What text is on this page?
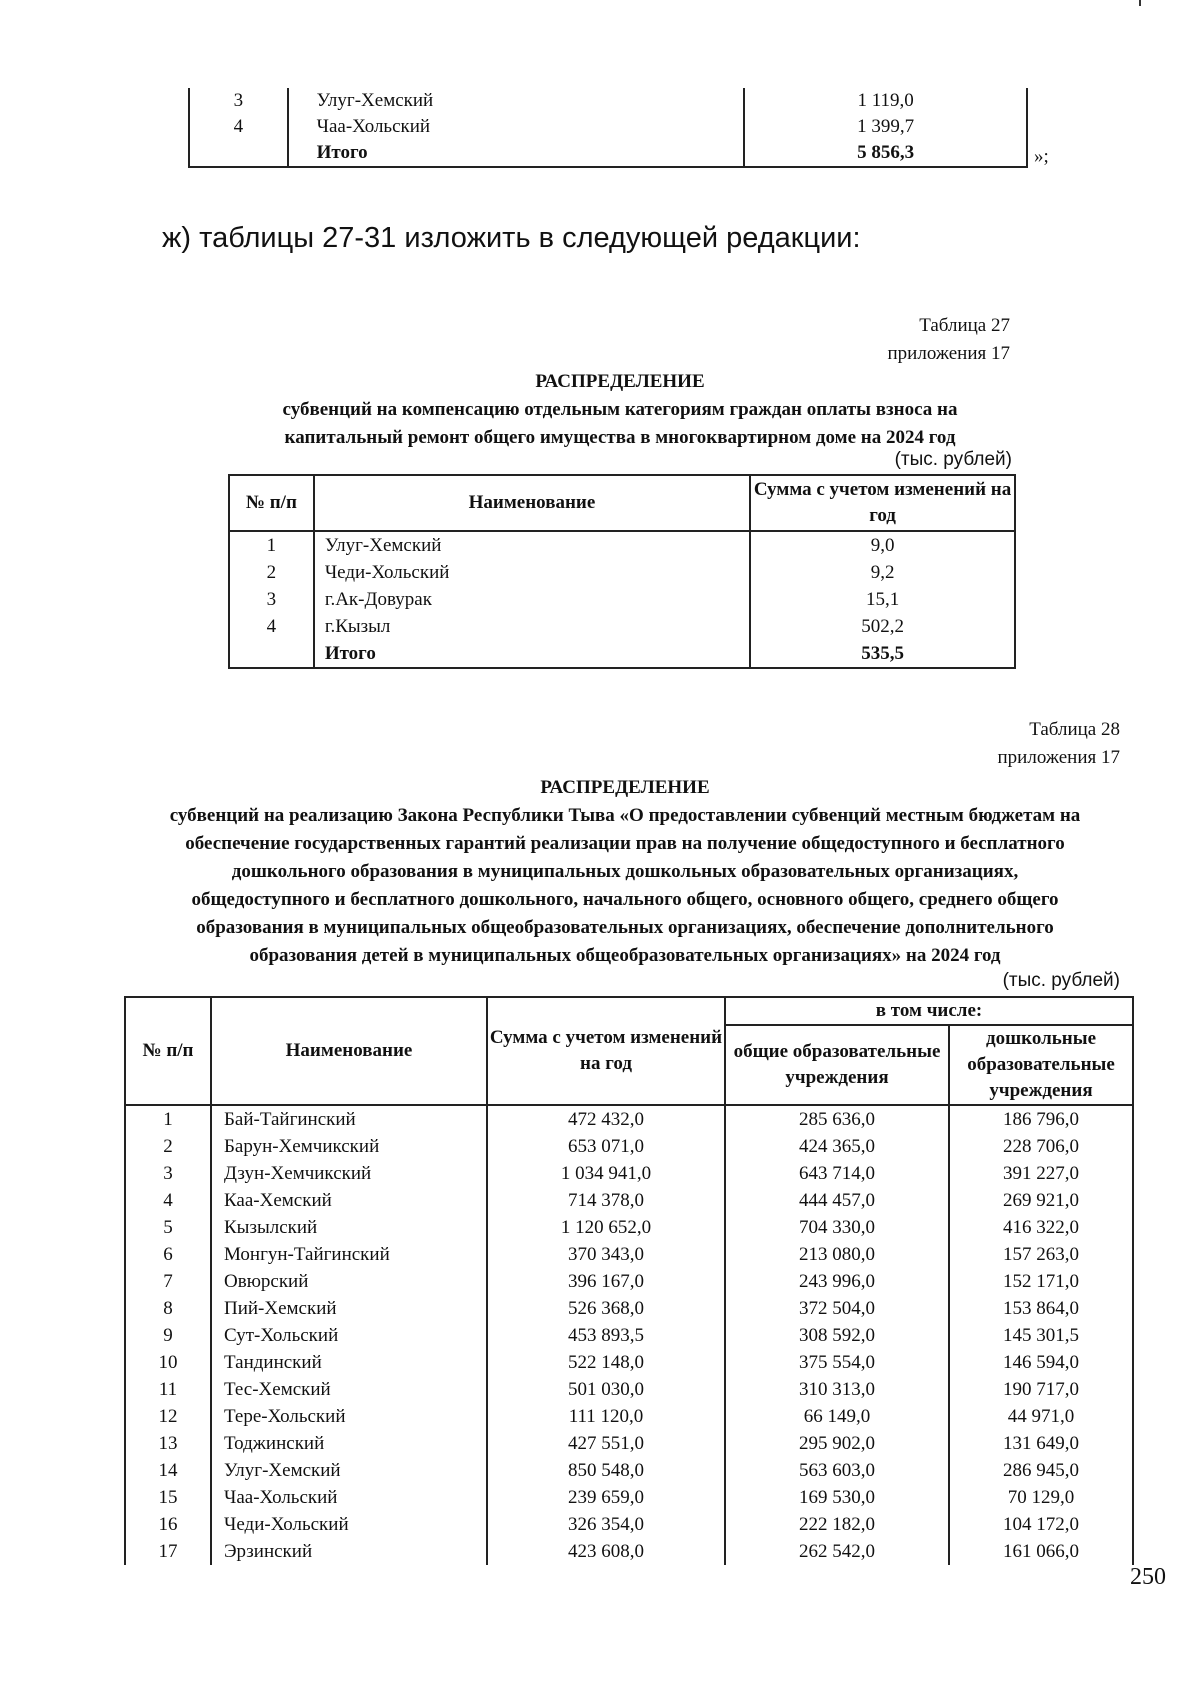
3	Улуг-Хемский	1 119,0
4	Чаа-Хольский	1 399,7
	Итого	5 856,3	»;
ж) таблицы 27-31 изложить в следующей редакции:
Таблица 27
приложения 17
РАСПРЕДЕЛЕНИЕ
субвенций на компенсацию отдельным категориям граждан оплаты взноса на
капитальный ремонт общего имущества в многоквартирном доме на 2024 год
(тыс. рублей)
№ п/п	Наименование	Сумма с учетом изменений на год
1	Улуг-Хемский	9,0
2	Чеди-Хольский	9,2
3	г.Ак-Довурак	15,1
4	г.Кызыл	502,2
	Итого	535,5
Таблица 28
приложения 17
РАСПРЕДЕЛЕНИЕ
субвенций на реализацию Закона Республики Тыва «О предоставлении субвенций местным бюджетам на
обеспечение государственных гарантий реализации прав на получение общедоступного и бесплатного
дошкольного образования в муниципальных дошкольных образовательных организациях,
общедоступного и бесплатного дошкольного, начального общего, основного общего, среднего общего
образования в муниципальных общеобразовательных организациях, обеспечение дополнительного
образования детей в муниципальных общеобразовательных организациях» на 2024 год
(тыс. рублей)
№ п/п	Наименование	Сумма с учетом изменений на год	в том числе:	
			общие образовательные учреждения	дошкольные образовательные учреждения
1	Бай-Тайгинский	472 432,0	285 636,0	186 796,0
2	Барун-Хемчикский	653 071,0	424 365,0	228 706,0
3	Дзун-Хемчикский	1 034 941,0	643 714,0	391 227,0
4	Каа-Хемский	714 378,0	444 457,0	269 921,0
5	Кызылский	1 120 652,0	704 330,0	416 322,0
6	Монгун-Тайгинский	370 343,0	213 080,0	157 263,0
7	Овюрский	396 167,0	243 996,0	152 171,0
8	Пий-Хемский	526 368,0	372 504,0	153 864,0
9	Сут-Хольский	453 893,5	308 592,0	145 301,5
10	Тандинский	522 148,0	375 554,0	146 594,0
11	Тес-Хемский	501 030,0	310 313,0	190 717,0
12	Тере-Хольский	111 120,0	66 149,0	44 971,0
13	Тоджинский	427 551,0	295 902,0	131 649,0
14	Улуг-Хемский	850 548,0	563 603,0	286 945,0
15	Чаа-Хольский	239 659,0	169 530,0	70 129,0
16	Чеди-Хольский	326 354,0	222 182,0	104 172,0
17	Эрзинский	423 608,0	262 542,0	161 066,0
250
